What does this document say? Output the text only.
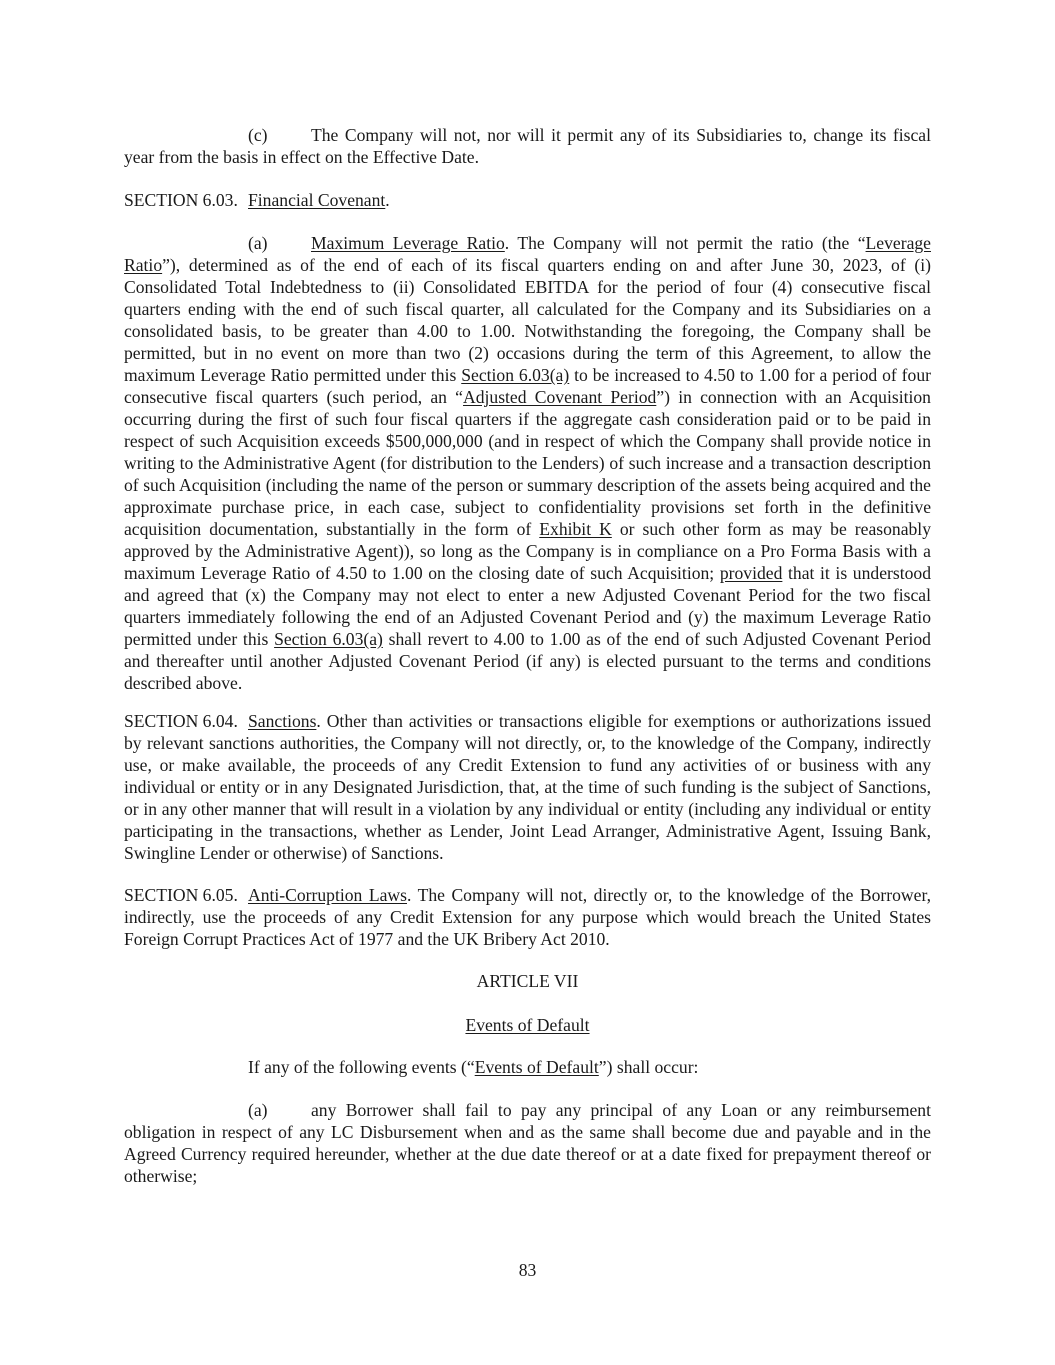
(c) The Company will not, nor will it permit any of its Subsidiaries to, change its fiscal year from the basis in effect on the Effective Date.

SECTION 6.03. Financial Covenant.

(a) Maximum Leverage Ratio. The Company will not permit the ratio (the “Leverage Ratio”), determined as of the end of each of its fiscal quarters ending on and after June 30, 2023, of (i) Consolidated Total Indebtedness to (ii) Consolidated EBITDA for the period of four (4) consecutive fiscal quarters ending with the end of such fiscal quarter, all calculated for the Company and its Subsidiaries on a consolidated basis, to be greater than 4.00 to 1.00. Notwithstanding the foregoing, the Company shall be permitted, but in no event on more than two (2) occasions during the term of this Agreement, to allow the maximum Leverage Ratio permitted under this Section 6.03(a) to be increased to 4.50 to 1.00 for a period of four consecutive fiscal quarters (such period, an “Adjusted Covenant Period”) in connection with an Acquisition occurring during the first of such four fiscal quarters if the aggregate cash consideration paid or to be paid in respect of such Acquisition exceeds $500,000,000 (and in respect of which the Company shall provide notice in writing to the Administrative Agent (for distribution to the Lenders) of such increase and a transaction description of such Acquisition (including the name of the person or summary description of the assets being acquired and the approximate purchase price, in each case, subject to confidentiality provisions set forth in the definitive acquisition documentation, substantially in the form of Exhibit K or such other form as may be reasonably approved by the Administrative Agent)), so long as the Company is in compliance on a Pro Forma Basis with a maximum Leverage Ratio of 4.50 to 1.00 on the closing date of such Acquisition; provided that it is understood and agreed that (x) the Company may not elect to enter a new Adjusted Covenant Period for the two fiscal quarters immediately following the end of an Adjusted Covenant Period and (y) the maximum Leverage Ratio permitted under this Section 6.03(a) shall revert to 4.00 to 1.00 as of the end of such Adjusted Covenant Period and thereafter until another Adjusted Covenant Period (if any) is elected pursuant to the terms and conditions described above.

SECTION 6.04. Sanctions. Other than activities or transactions eligible for exemptions or authorizations issued by relevant sanctions authorities, the Company will not directly, or, to the knowledge of the Company, indirectly use, or make available, the proceeds of any Credit Extension to fund any activities of or business with any individual or entity or in any Designated Jurisdiction, that, at the time of such funding is the subject of Sanctions, or in any other manner that will result in a violation by any individual or entity (including any individual or entity participating in the transactions, whether as Lender, Joint Lead Arranger, Administrative Agent, Issuing Bank, Swingline Lender or otherwise) of Sanctions.

SECTION 6.05. Anti-Corruption Laws. The Company will not, directly or, to the knowledge of the Borrower, indirectly, use the proceeds of any Credit Extension for any purpose which would breach the United States Foreign Corrupt Practices Act of 1977 and the UK Bribery Act 2010.

ARTICLE VII
Events of Default

If any of the following events (“Events of Default”) shall occur:

(a) any Borrower shall fail to pay any principal of any Loan or any reimbursement obligation in respect of any LC Disbursement when and as the same shall become due and payable and in the Agreed Currency required hereunder, whether at the due date thereof or at a date fixed for prepayment thereof or otherwise;

83
